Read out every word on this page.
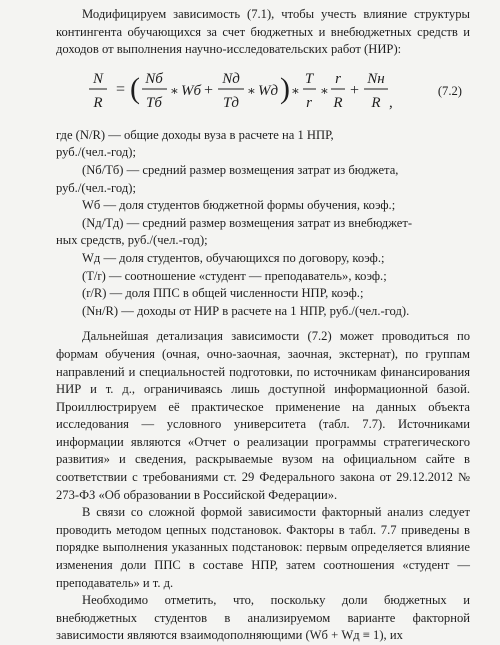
Модифицируем зависимость (7.1), чтобы учесть влияние структуры контингента обучающихся за счет бюджетных и внебюджетных средств и доходов от выполнения научно-исследовательских работ (НИР):

N
R
= ( Nб
Tб
∗ Wб +
Nд
Tд
∗ Wд ) ∗
T
r
∗
r
R
+
Nн
R ,
(7.2)
где (N/R) — общие доходы вуза в расчете на 1 НПР,
руб./(чел.-год);
(Nб/Tб) — средний размер возмещения затрат из бюджета,
руб./(чел.-год);
Wб — доля студентов бюджетной формы обучения, коэф.;
(Nд/Tд) — средний размер возмещения затрат из внебюджет-
ных средств, руб./(чел.-год);
Wд — доля студентов, обучающихся по договору, коэф.;
(T/r) — соотношение «студент — преподаватель», коэф.;
(r/R) — доля ППС в общей численности НПР, коэф.;
(Nн/R) — доходы от НИР в расчете на 1 НПР, руб./(чел.-год).

Дальнейшая детализация зависимости (7.2) может проводиться по формам обучения (очная, очно-заочная, заочная, экстернат), по группам направлений и специальностей подготовки, по источникам финансирования НИР и т. д., ограничиваясь лишь доступной информационной базой. Проиллюстрируем её практическое применение на данных объекта исследования — условного университета (табл. 7.7). Источниками информации являются «Отчет о реализации программы стратегического развития» и сведения, раскрываемые вузом на официальном сайте в соответствии с требованиями ст. 29 Федерального закона от 29.12.2012 № 273-ФЗ «Об образовании в Российской Федерации».

В связи со сложной формой зависимости факторный анализ следует проводить методом цепных подстановок. Факторы в табл. 7.7 приведены в порядке выполнения указанных подстановок: первым определяется влияние изменения доли ППС в составе НПР, затем соотношения «студент — преподаватель» и т. д.

Необходимо отметить, что, поскольку доли бюджетных и внебюджетных студентов в анализируемом варианте факторной зависимости являются взаимодополняющими (Wб + Wд ≡ 1), их
